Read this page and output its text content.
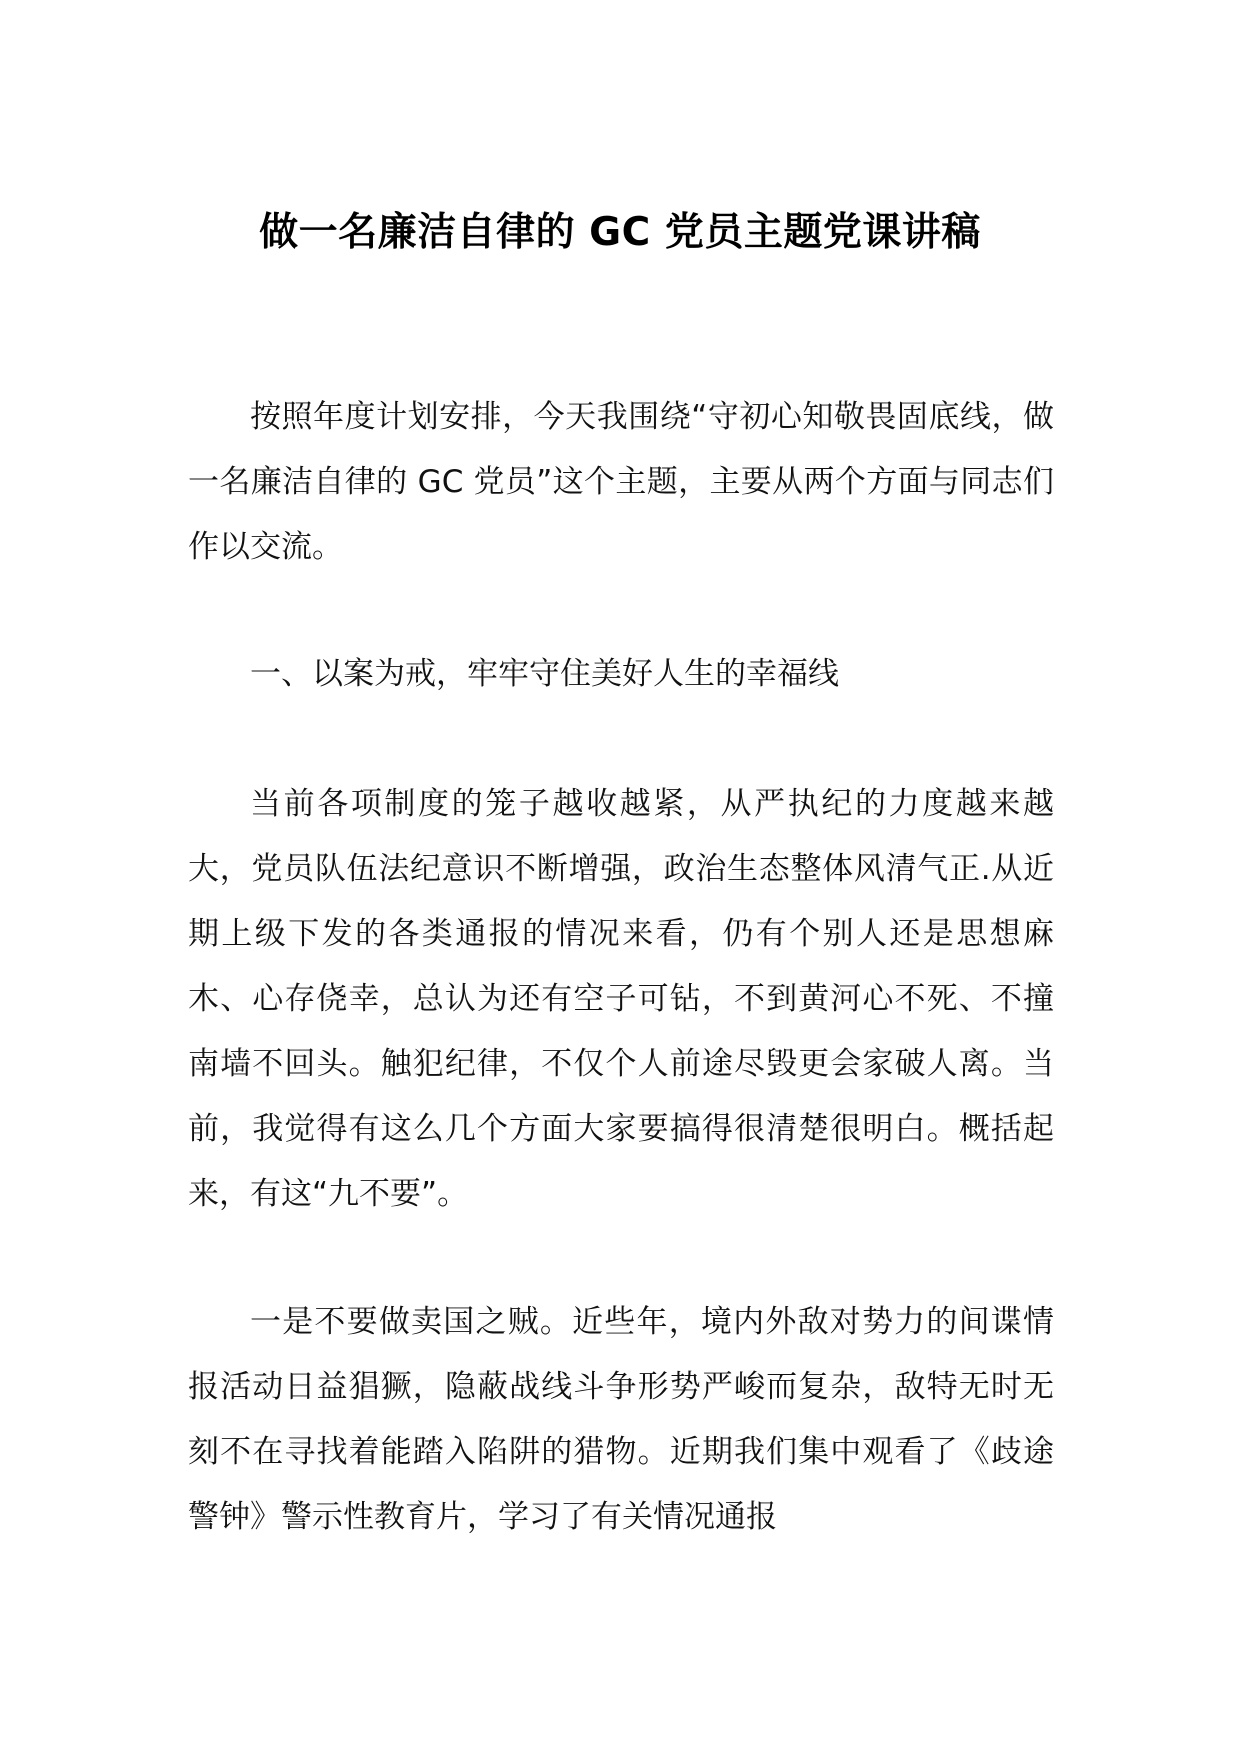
做一名廉洁自律的 GC 党员主题党课讲稿
按照年度计划安排，今天我围绕“守初心知敬畏固底线，做一名廉洁自律的 GC 党员”这个主题，主要从两个方面与同志们作以交流。
一、以案为戒，牢牢守住美好人生的幸福线
当前各项制度的笼子越收越紧，从严执纪的力度越来越大，党员队伍法纪意识不断增强，政治生态整体风清气正.从近期上级下发的各类通报的情况来看，仍有个别人还是思想麻木、心存侥幸，总认为还有空子可钻，不到黄河心不死、不撞南墙不回头。触犯纪律，不仅个人前途尽毁更会家破人离。当前，我觉得有这么几个方面大家要搞得很清楚很明白。概括起来，有这“九不要”。
一是不要做卖国之贼。近些年，境内外敌对势力的间谍情报活动日益猖獗，隐蔽战线斗争形势严峻而复杂，敌特无时无刻不在寻找着能踏入陷阱的猎物。近期我们集中观看了《歧途警钟》警示性教育片，学习了有关情况通报
